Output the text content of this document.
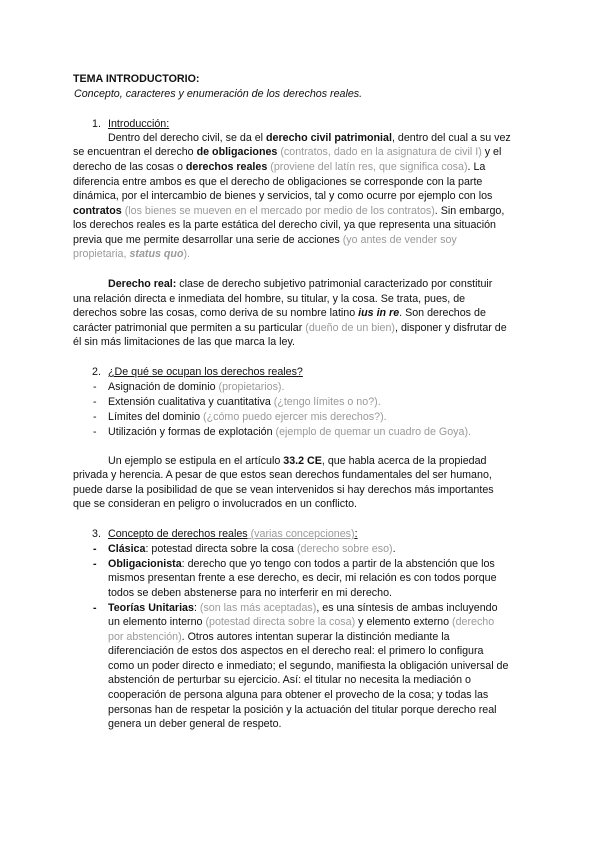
TEMA INTRODUCTORIO:
Concepto, caracteres y enumeración de los derechos reales.
1. Introducción:
Dentro del derecho civil, se da el derecho civil patrimonial, dentro del cual a su vez
se encuentran el derecho de obligaciones (contratos, dado en la asignatura de civil I) y el
derecho de las cosas o derechos reales (proviene del latín res, que significa cosa). La
diferencia entre ambos es que el derecho de obligaciones se corresponde con la parte
dinámica, por el intercambio de bienes y servicios, tal y como ocurre por ejemplo con los
contratos (los bienes se mueven en el mercado por medio de los contratos). Sin embargo,
los derechos reales es la parte estática del derecho civil, ya que representa una situación
previa que me permite desarrollar una serie de acciones (yo antes de vender soy
propietaria, status quo).
Derecho real: clase de derecho subjetivo patrimonial caracterizado por constituir
una relación directa e inmediata del hombre, su titular, y la cosa. Se trata, pues, de
derechos sobre las cosas, como deriva de su nombre latino ius in re. Son derechos de
carácter patrimonial que permiten a su particular (dueño de un bien), disponer y disfrutar de
él sin más limitaciones de las que marca la ley.
2. ¿De qué se ocupan los derechos reales?
- Asignación de dominio (propietarios).
- Extensión cualitativa y cuantitativa (¿tengo límites o no?).
- Límites del dominio (¿cómo puedo ejercer mis derechos?).
- Utilización y formas de explotación (ejemplo de quemar un cuadro de Goya).
Un ejemplo se estipula en el artículo 33.2 CE, que habla acerca de la propiedad
privada y herencia. A pesar de que estos sean derechos fundamentales del ser humano,
puede darse la posibilidad de que se vean intervenidos si hay derechos más importantes
que se consideran en peligro o involucrados en un conflicto.
3. Concepto de derechos reales (varias concepciones):
- Clásica: potestad directa sobre la cosa (derecho sobre eso).
- Obligacionista: derecho que yo tengo con todos a partir de la abstención que los
mismos presentan frente a ese derecho, es decir, mi relación es con todos porque
todos se deben abstenerse para no interferir en mi derecho.
- Teorías Unitarias: (son las más aceptadas), es una síntesis de ambas incluyendo
un elemento interno (potestad directa sobre la cosa) y elemento externo (derecho
por abstención). Otros autores intentan superar la distinción mediante la
diferenciación de estos dos aspectos en el derecho real: el primero lo configura
como un poder directo e inmediato; el segundo, manifiesta la obligación universal de
abstención de perturbar su ejercicio. Así: el titular no necesita la mediación o
cooperación de persona alguna para obtener el provecho de la cosa; y todas las
personas han de respetar la posición y la actuación del titular porque derecho real
genera un deber general de respeto.
